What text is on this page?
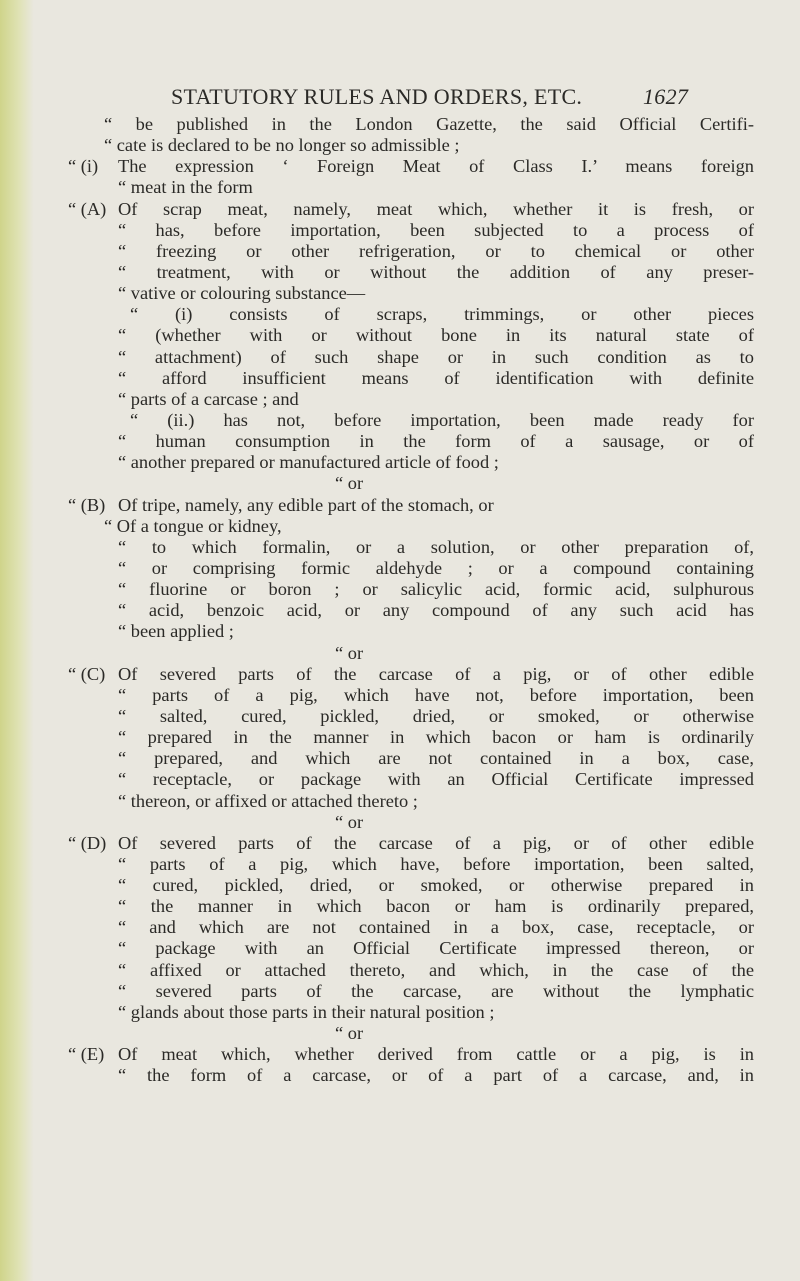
STATUTORY RULES AND ORDERS, ETC.	1627
“ be published in the London Gazette, the said Official Certifi-
“ cate is declared to be no longer so admissible ;
“ (i) The expression ‘ Foreign Meat of Class I.’ means foreign
“ meat in the form
“ (A) Of scrap meat, namely, meat which, whether it is fresh, or
“ has, before importation, been subjected to a process of
“ freezing or other refrigeration, or to chemical or other
“ treatment, with or without the addition of any preser-
“ vative or colouring substance—
“ (i) consists of scraps, trimmings, or other pieces
“ (whether with or without bone in its natural state of
“ attachment) of such shape or in such condition as to
“ afford insufficient means of identification with definite
“ parts of a carcase ; and
“ (ii.) has not, before importation, been made ready for
“ human consumption in the form of a sausage, or of
“ another prepared or manufactured article of food ;
“ or
“ (B) Of tripe, namely, any edible part of the stomach, or
“ Of a tongue or kidney,
“ to which formalin, or a solution, or other preparation of,
“ or comprising formic aldehyde ; or a compound containing
“ fluorine or boron ; or salicylic acid, formic acid, sulphurous
“ acid, benzoic acid, or any compound of any such acid has
“ been applied ;
“ or
“ (C) Of severed parts of the carcase of a pig, or of other edible
“ parts of a pig, which have not, before importation, been
“ salted, cured, pickled, dried, or smoked, or otherwise
“ prepared in the manner in which bacon or ham is ordinarily
“ prepared, and which are not contained in a box, case,
“ receptacle, or package with an Official Certificate impressed
“ thereon, or affixed or attached thereto ;
“ or
“ (D) Of severed parts of the carcase of a pig, or of other edible
“ parts of a pig, which have, before importation, been salted,
“ cured, pickled, dried, or smoked, or otherwise prepared in
“ the manner in which bacon or ham is ordinarily prepared,
“ and which are not contained in a box, case, receptacle, or
“ package with an Official Certificate impressed thereon, or
“ affixed or attached thereto, and which, in the case of the
“ severed parts of the carcase, are without the lymphatic
“ glands about those parts in their natural position ;
“ or
“ (E) Of meat which, whether derived from cattle or a pig, is in
“ the form of a carcase, or of a part of a carcase, and, in
